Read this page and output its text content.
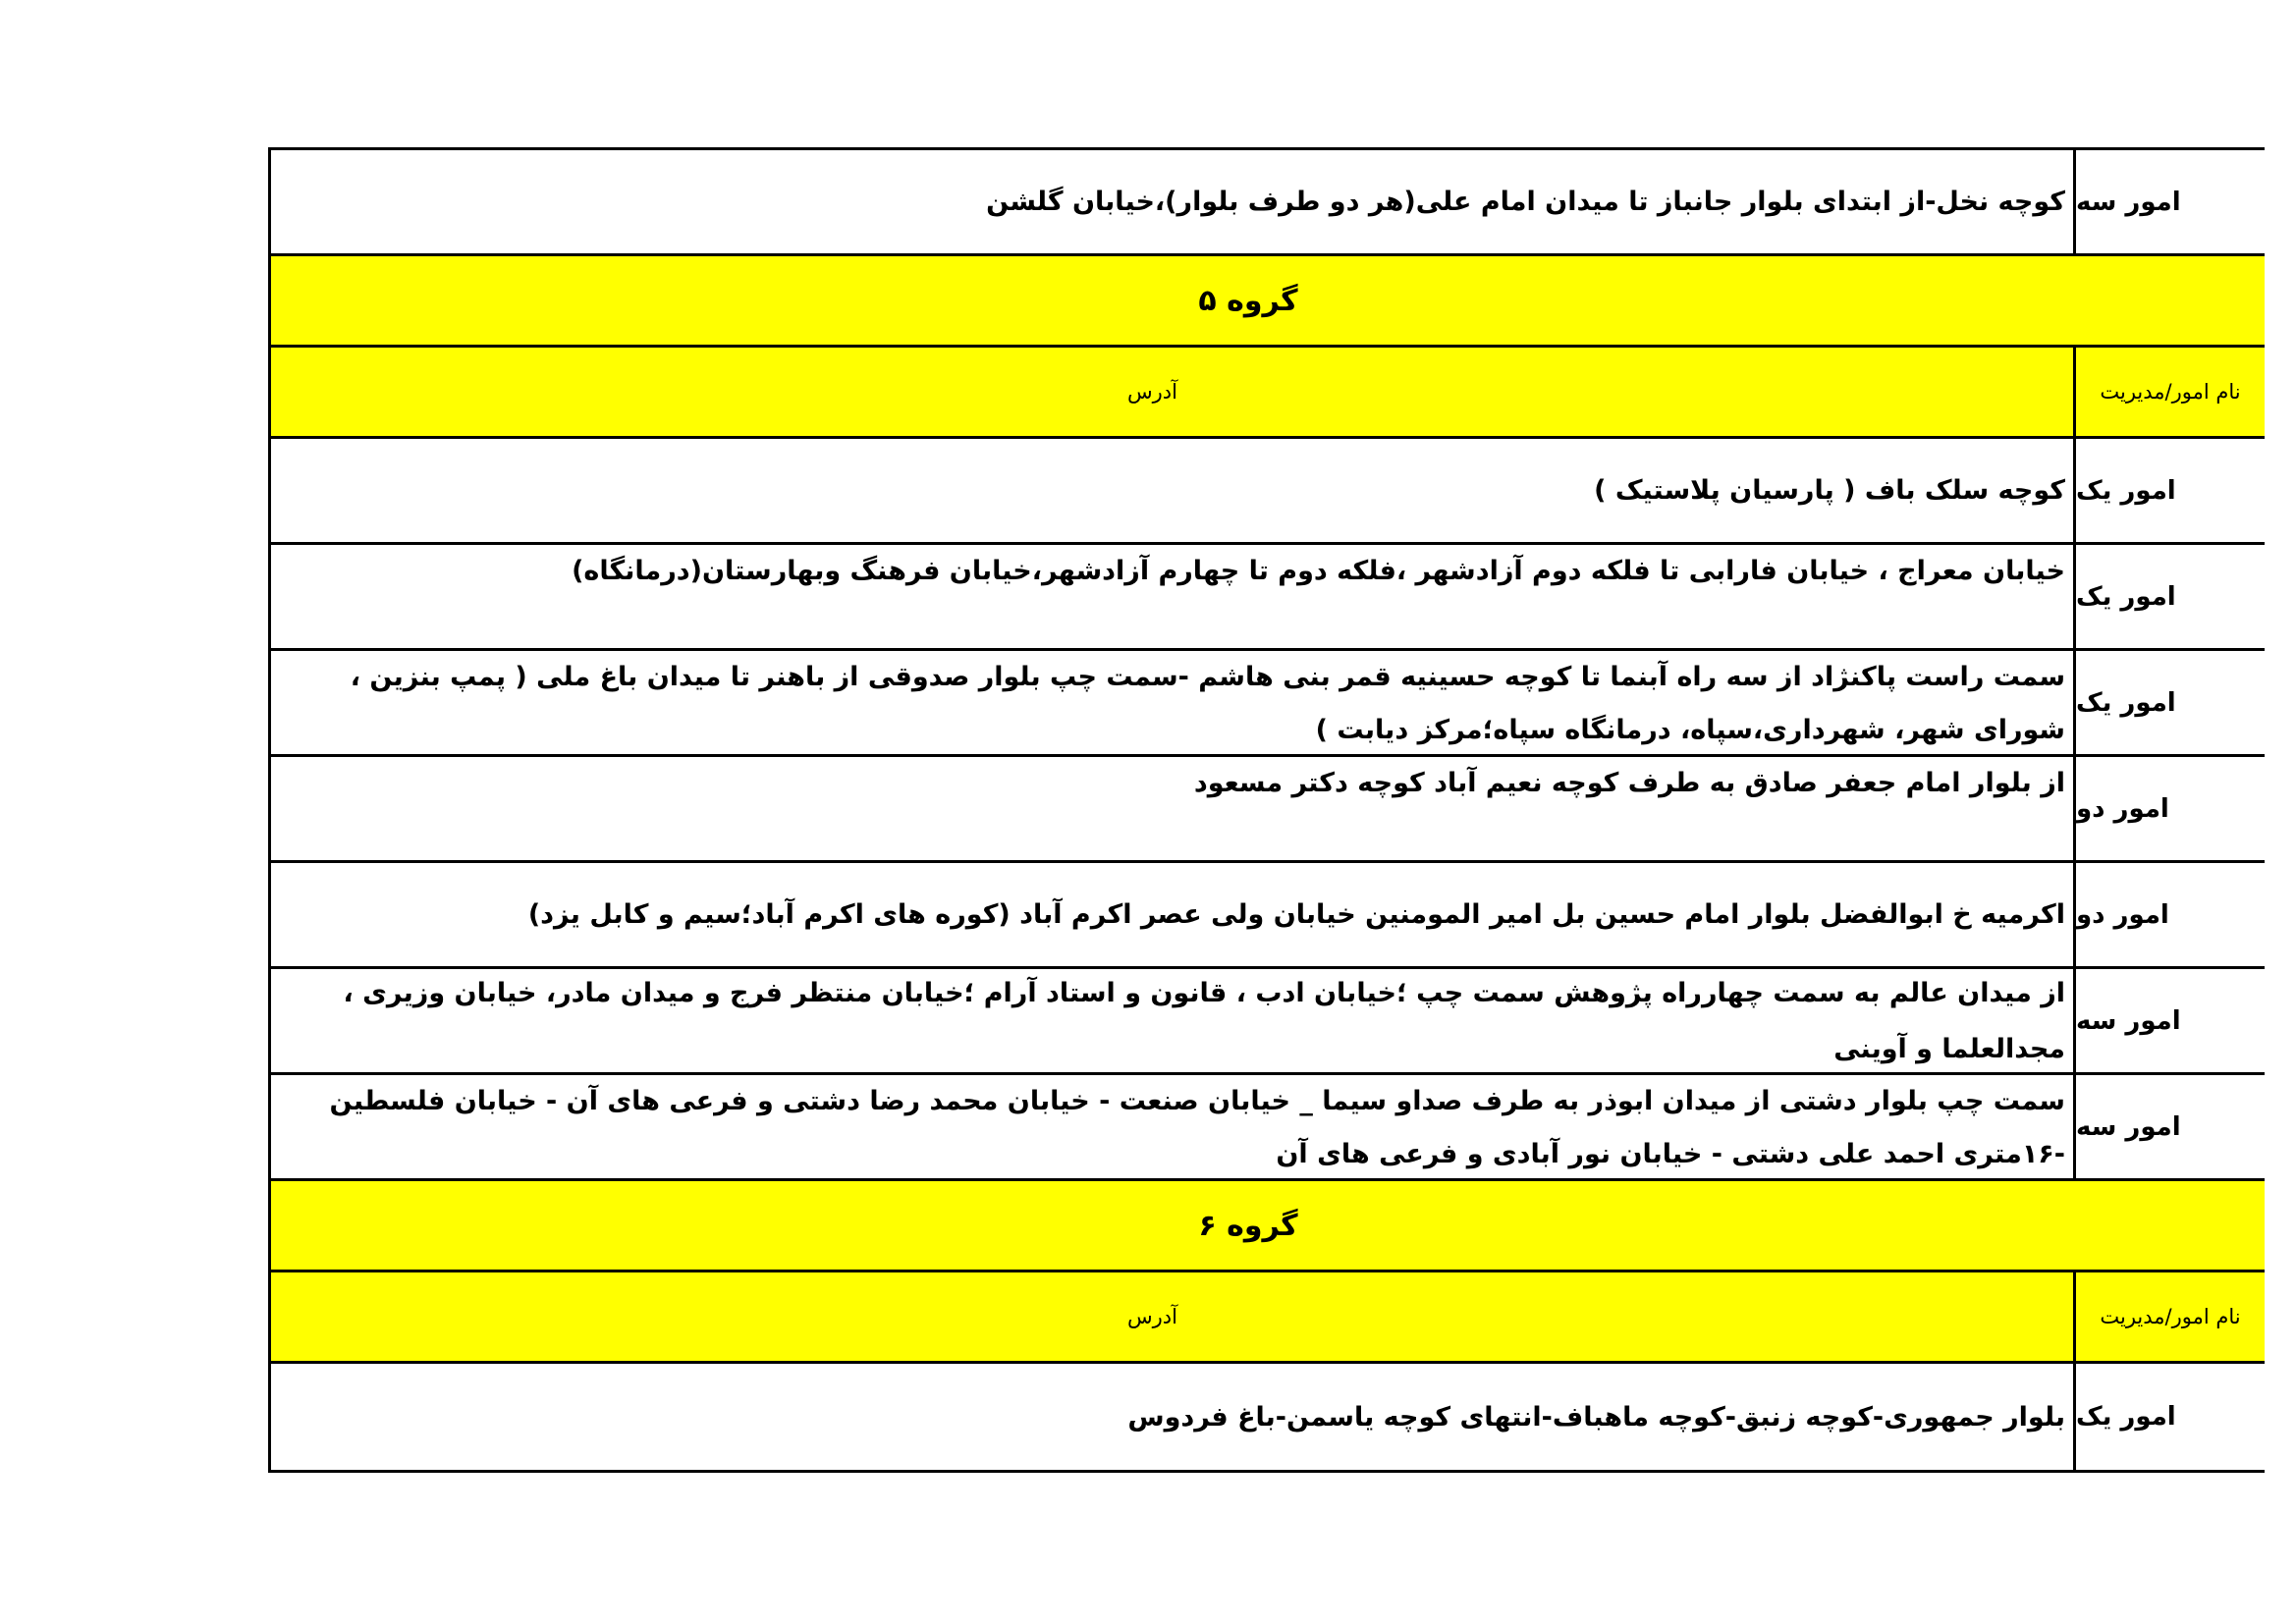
امور سه
کوچه نخل-از ابتدای بلوار جانباز تا میدان امام علی(هر دو طرف بلوار)،خیابان گلشن
گروه ۵
نام امور/مدیریت
آدرس
امور یک
کوچه سلک باف ( پارسیان پلاستیک )
امور یک
خیابان معراج ، خیابان فارابی تا فلکه دوم آزادشهر ،فلکه دوم تا چهارم آزادشهر،خیابان فرهنگ وبهارستان(درمانگاه)
امور یک
سمت راست پاکنژاد از سه راه آبنما تا کوچه حسینیه قمر بنی هاشم -سمت چپ بلوار صدوقی از باهنر تا میدان باغ ملی ( پمپ بنزین ، شورای شهر، شهرداری،سپاه، درمانگاه سپاه؛مرکز دیابت )
امور دو
از بلوار امام جعفر صادق به طرف کوچه نعیم آباد کوچه دکتر مسعود
امور دو
اکرمیه خ ابوالفضل بلوار امام حسین بل امیر المومنین خیابان ولی عصر اکرم آباد (کوره های اکرم آباد؛سیم و کابل یزد)
امور سه
از میدان عالم به سمت چهارراه پژوهش سمت چپ ؛خیابان ادب ، قانون و استاد آرام ؛خیابان منتظر فرج و میدان مادر، خیابان وزیری ، مجدالعلما و آوینی
امور سه
سمت چپ بلوار دشتی از میدان ابوذر به طرف صداو سیما _ خیابان صنعت - خیابان محمد رضا دشتی و فرعی های آن - خیابان فلسطین -۱۶متری احمد علی دشتی - خیابان نور آبادی و فرعی های آن
گروه ۶
نام امور/مدیریت
آدرس
امور یک
بلوار جمهوری-کوچه زنبق-کوچه ماهباف-انتهای کوچه یاسمن-باغ فردوس
